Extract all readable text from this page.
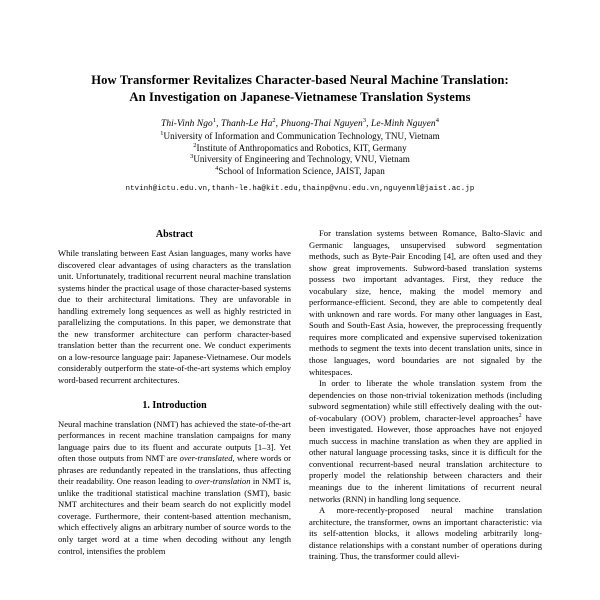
How Transformer Revitalizes Character-based Neural Machine Translation:
An Investigation on Japanese-Vietnamese Translation Systems
Thi-Vinh Ngo$^1$, Thanh-Le Ha$^2$, Phuong-Thai Nguyen$^3$, Le-Minh Nguyen$^4$
$^1$University of Information and Communication Technology, TNU, Vietnam
$^2$Institute of Anthropomatics and Robotics, KIT, Germany
$^3$University of Engineering and Technology, VNU, Vietnam
$^4$School of Information Science, JAIST, Japan
ntvinh@ictu.edu.vn,thanh-le.ha@kit.edu,thainp@vnu.edu.vn,nguyenml@jaist.ac.jp
Abstract

While translating between East Asian languages, many works have discovered clear advantages of using characters as the translation unit. Unfortunately, traditional recurrent neural machine translation systems hinder the practical usage of those character-based systems due to their architectural limitations. They are unfavorable in handling extremely long sequences as well as highly restricted in parallelizing the computations. In this paper, we demonstrate that the new transformer architecture can perform character-based translation better than the recurrent one. We conduct experiments on a low-resource language pair: Japanese-Vietnamese. Our models considerably outperform the state-of-the-art systems which employ word-based recurrent architectures.

1. Introduction

Neural machine translation (NMT) has achieved the state-of-the-art performances in recent machine translation campaigns for many language pairs due to its fluent and accurate outputs [1–3]. Yet often those outputs from NMT are over-translated, where words or phrases are redundantly repeated in the translations, thus affecting their readability. One reason leading to over-translation in NMT is, unlike the traditional statistical machine translation (SMT), basic NMT architectures and their beam search do not explicitly model coverage. Furthermore, their content-based attention mechanism, which effectively aligns an arbitrary number of source words to the only target word at a time when decoding without any length control, intensifies the problem

For translation systems between Romance, Balto-Slavic and Germanic languages, unsupervised subword segmentation methods, such as Byte-Pair Encoding [4], are often used and they show great improvements. Subword-based translation systems possess two important advantages. First, they reduce the vocabulary size, hence, making the model memory and performance-efficient. Second, they are able to competently deal with unknown and rare words. For many other languages in East, South and South-East Asia, however, the preprocessing frequently requires more complicated and expensive supervised tokenization methods to segment the texts into decent translation units, since in those languages, word boundaries are not signaled by the whitespaces.

In order to liberate the whole translation system from the dependencies on those non-trivial tokenization methods (including subword segmentation) while still effectively dealing with the out-of-vocabulary (OOV) problem, character-level approaches$^2$ have been investigated. However, those approaches have not enjoyed much success in machine translation as when they are applied in other natural language processing tasks, since it is difficult for the conventional recurrent-based neural translation architecture to properly model the relationship between characters and their meanings due to the inherent limitations of recurrent neural networks (RNN) in handling long sequence.

A more-recently-proposed neural machine translation architecture, the transformer, owns an important characteristic: via its self-attention blocks, it allows modeling arbitrarily long-distance relationships with a constant number of operations during training. Thus, the transformer could allevi-
